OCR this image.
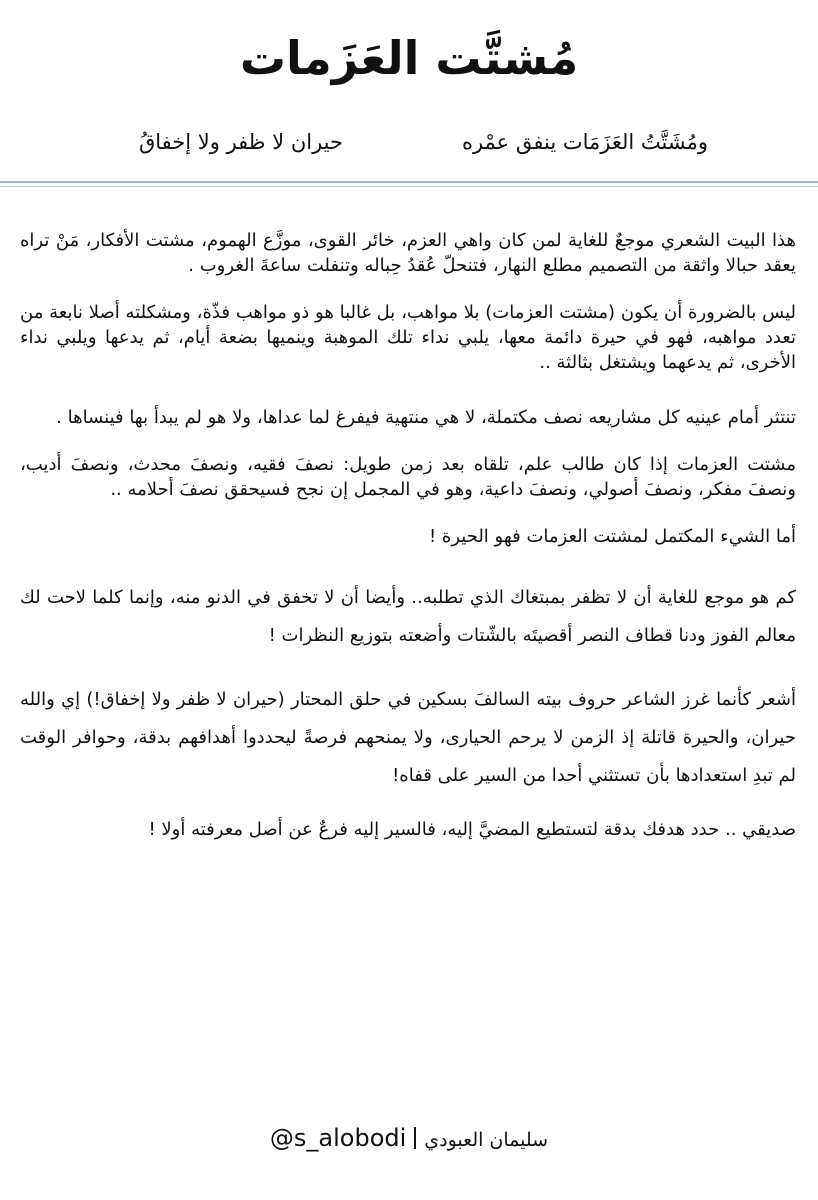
مُشتَّت العَزَمات
ومُشَتَّتُ العَزَمَات ينفق عمْره
حيران لا ظفر ولا إخفاقُ

هذا البيت الشعري موجعٌ للغاية لمن كان واهي العزم، خائر القوى، موزَّع الهموم، مشتت الأفكار، مَنْ تراه يعقد حبالا واثقة من التصميم مطلع النهار، فتنحلّ عُقدُ حِباله وتنفلت ساعةَ الغروب .

ليس بالضرورة أن يكون (مشتت العزمات) بلا مواهب، بل غالبا هو ذو مواهب فذّة، ومشكلته أصلا نابعة من تعدد مواهبه، فهو في حيرة دائمة معها، يلبي نداء تلك الموهبة وينميها بضعة أيام، ثم يدعها ويلبي نداء الأخرى، ثم يدعهما ويشتغل بثالثة ..

تنتثر أمام عينيه كل مشاريعه نصف مكتملة، لا هي منتهية فيفرغ لما عداها، ولا هو لم يبدأ بها فينساها .

مشتت العزمات إذا كان طالب علم، تلقاه بعد زمن طويل: نصفَ فقيه، ونصفَ محدث، ونصفَ أديب، ونصفَ مفكر، ونصفَ أصولي، ونصفَ داعية، وهو في المجمل إن نجح فسيحقق نصفَ أحلامه ..

أما الشيء المكتمل لمشتت العزمات فهو الحيرة !

كم هو موجع للغاية أن لا تظفر بمبتغاك الذي تطلبه.. وأيضا أن لا تخفق في الدنو منه، وإنما كلما لاحت لك معالم الفوز ودنا قطاف النصر أقصيتَه بالشّتات وأضعته بتوزيع النظرات !

أشعر كأنما غرز الشاعر حروف بيته السالفَ بسكين في حلق المحتار (حيران لا ظفر ولا إخفاق!) إي والله حيران، والحيرة قاتلة إذ الزمن لا يرحم الحيارى، ولا يمنحهم فرصةً ليحددوا أهدافهم بدقة، وحوافر الوقت لم تبدِ استعدادها بأن تستثني أحدا من السير على قفاه!

صديقي .. حدد هدفك بدقة لتستطيع المضيَّ إليه، فالسير إليه فرعٌ عن أصل معرفته أولا !

@s_alobodi سليمان العبودي
